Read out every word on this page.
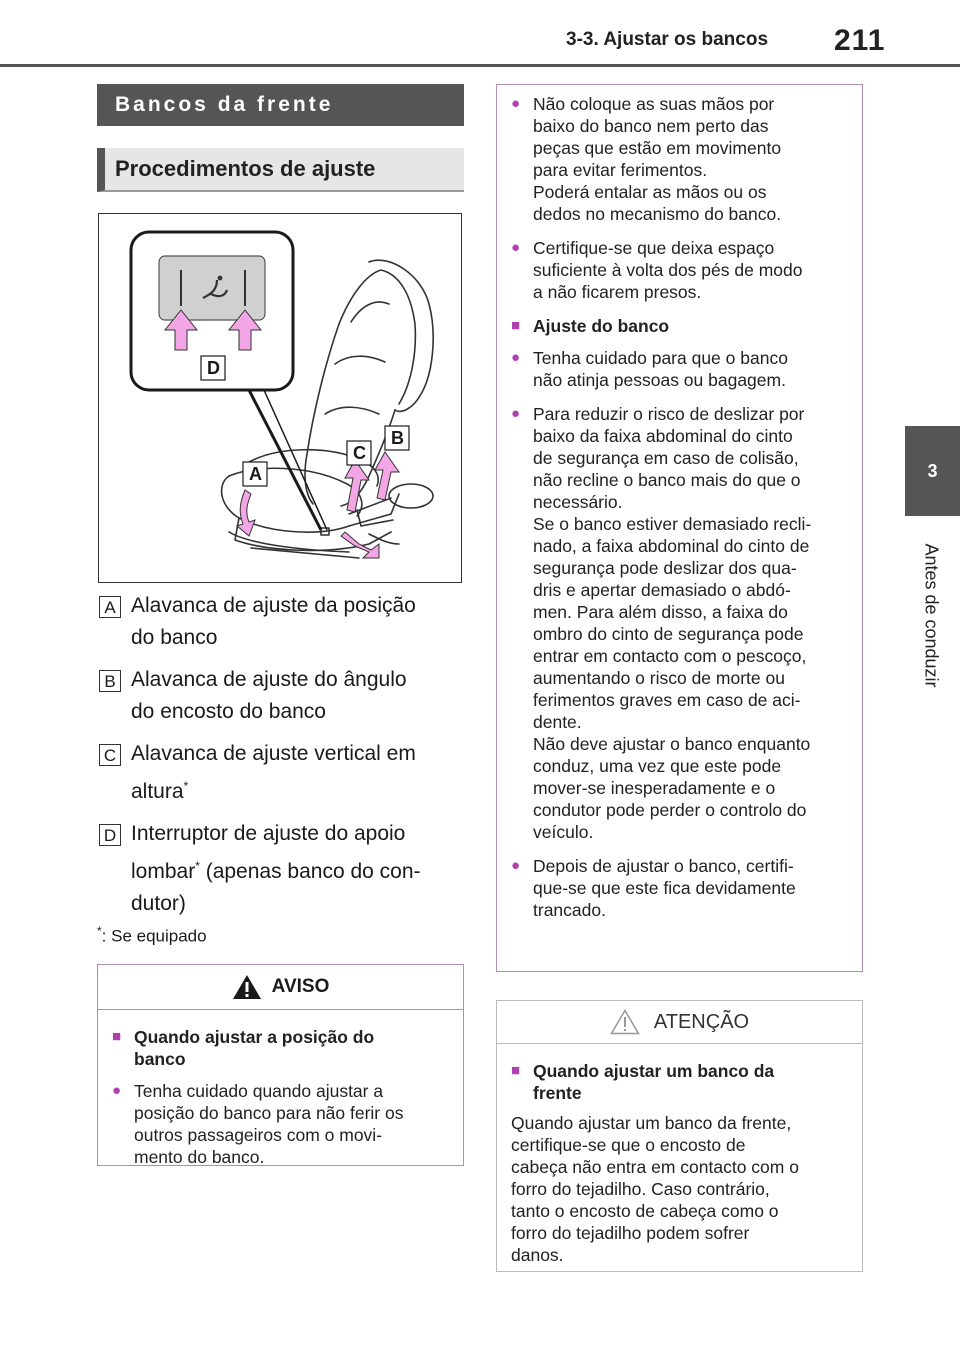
3-3. Ajustar os bancos 211
3
Antes de conduzir
Bancos da frente
Procedimentos de ajuste
A
B
C
D
A Alavanca de ajuste da posição
do banco
B Alavanca de ajuste do ângulo
do encosto do banco
C Alavanca de ajuste vertical em
altura*
D Interruptor de ajuste do apoio
lombar* (apenas banco do con-
dutor)
*: Se equipado
AVISO
■ Quando ajustar a posição do
banco
● Tenha cuidado quando ajustar a
posição do banco para não ferir os
outros passageiros com o movi-
mento do banco.
● Não coloque as suas mãos por
baixo do banco nem perto das
peças que estão em movimento
para evitar ferimentos.
Poderá entalar as mãos ou os
dedos no mecanismo do banco.
● Certifique-se que deixa espaço
suficiente à volta dos pés de modo
a não ficarem presos.
■ Ajuste do banco
● Tenha cuidado para que o banco
não atinja pessoas ou bagagem.
● Para reduzir o risco de deslizar por
baixo da faixa abdominal do cinto
de segurança em caso de colisão,
não recline o banco mais do que o
necessário.
Se o banco estiver demasiado recli-
nado, a faixa abdominal do cinto de
segurança pode deslizar dos qua-
dris e apertar demasiado o abdó-
men. Para além disso, a faixa do
ombro do cinto de segurança pode
entrar em contacto com o pescoço,
aumentando o risco de morte ou
ferimentos graves em caso de aci-
dente.
Não deve ajustar o banco enquanto
conduz, uma vez que este pode
mover-se inesperadamente e o
condutor pode perder o controlo do
veículo.
● Depois de ajustar o banco, certifi-
que-se que este fica devidamente
trancado.
ATENÇÃO
■ Quando ajustar um banco da
frente
Quando ajustar um banco da frente,
certifique-se que o encosto de
cabeça não entra em contacto com o
forro do tejadilho. Caso contrário,
tanto o encosto de cabeça como o
forro do tejadilho podem sofrer
danos.
